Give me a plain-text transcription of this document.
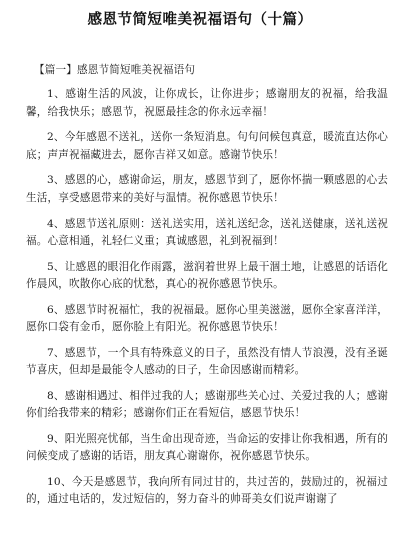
感恩节简短唯美祝福语句（十篇）
【篇一】感恩节简短唯美祝福语句

1、感谢生活的风波，让你成长，让你进步；感谢朋友的祝福，给我温馨，给我快乐；感恩节，祝愿最挂念的你永远幸福！

2、今年感恩不送礼，送你一条短消息。句句问候包真意，暖流直达你心底；声声祝福藏进去，愿你吉祥又如意。感谢节快乐！

3、感恩的心，感谢命运，朋友，感恩节到了，愿你怀揣一颗感恩的心去生活，享受感恩带来的美好与温情。祝你感恩节快乐！

4、感恩节送礼原则：送礼送实用，送礼送纪念，送礼送健康，送礼送祝福。心意相通，礼轻仁义重；真诚感恩，礼到祝福到！

5、让感恩的眼泪化作雨露，滋润着世界上最干涸土地，让感恩的话语化作晨风，吹散你心底的忧愁，真心的祝你感恩节快乐。

6、感恩节时祝福忙，我的祝福最。愿你心里美滋滋，愿你全家喜洋洋，愿你口袋有金币，愿你脸上有阳光。祝你感恩节快乐！

7、感恩节，一个具有特殊意义的日子，虽然没有情人节浪漫，没有圣诞节喜庆，但却是最能令人感动的日子，生命因感谢而精彩。

8、感谢相遇过、相伴过我的人；感谢那些关心过、关爱过我的人；感谢你们给我带来的精彩；感谢你们正在看短信，感恩节快乐！

9、阳光照亮忧郁，当生命出现奇迹，当命运的安排让你我相遇，所有的问候变成了感谢的话语，朋友真心谢谢你，祝你感恩节快乐。

10、今天是感恩节，我向所有同过甘的，共过苦的，鼓励过的，祝福过的，通过电话的，发过短信的，努力奋斗的帅哥美女们说声谢谢了
